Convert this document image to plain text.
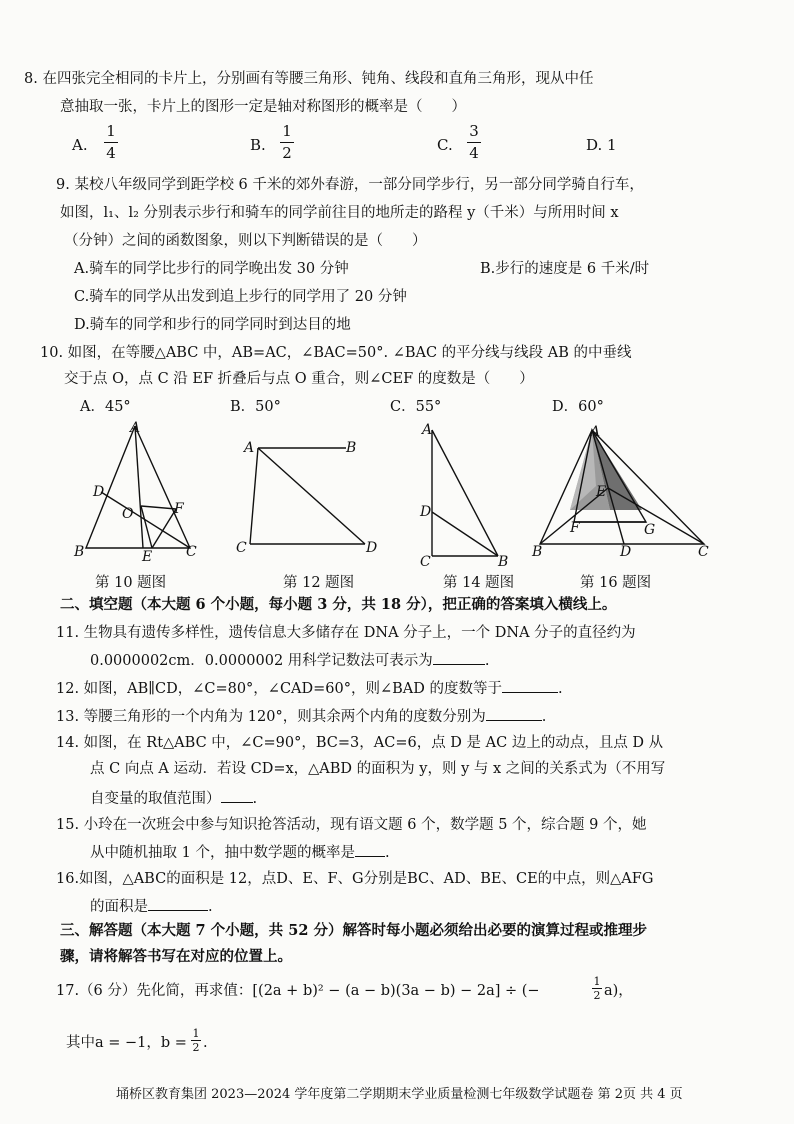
8. 在四张完全相同的卡片上，分别画有等腰三角形、钝角、线段和直角三角形，现从中任
意抽取一张，卡片上的图形一定是轴对称图形的概率是（　　）
A.
1
4	B.
1
2	C.
3
4	D. 1
9. 某校八年级同学到距学校 6 千米的郊外春游，一部分同学步行，另一部分同学骑自行车，
如图，l₁、l₂ 分别表示步行和骑车的同学前往目的地所走的路程 y（千米）与所用时间 x
（分钟）之间的函数图象，则以下判断错误的是（　　）
A.骑车的同学比步行的同学晚出发 30 分钟	B.步行的速度是 6 千米/时
C.骑车的同学从出发到追上步行的同学用了 20 分钟
D.骑车的同学和步行的同学同时到达目的地
10. 如图，在等腰△ABC 中，AB=AC，∠BAC=50°. ∠BAC 的平分线与线段 AB 的中垂线
交于点 O，点 C 沿 EF 折叠后与点 O 重合，则∠CEF 的度数是（　　）
A．45°	B．50°	C．55°	D．60°
A
B	C
D
E
F
O
第 10 题图
A	B
C	D
第 12 题图
A
D
C	B
第 14 题图
A
B	C
D
E
F	G
第 16 题图
二、填空题（本大题 6 个小题，每小题 3 分，共 18 分），把正确的答案填入横线上。
11. 生物具有遗传多样性，遗传信息大多储存在 DNA 分子上，一个 DNA 分子的直径约为
0.0000002cm．0.0000002 用科学记数法可表示为	.
12. 如图，AB∥CD，∠C=80°，∠CAD=60°，则∠BAD 的度数等于	.
13. 等腰三角形的一个内角为 120°，则其余两个内角的度数分别为	.
14. 如图，在 Rt△ABC 中，∠C=90°，BC=3，AC=6，点 D 是 AC 边上的动点，且点 D 从
点 C 向点 A 运动．若设 CD=x，△ABD 的面积为 y，则 y 与 x 之间的关系式为（不用写
自变量的取值范围） .
15. 小玲在一次班会中参与知识抢答活动，现有语文题 6 个，数学题 5 个，综合题 9 个，她
从中随机抽取 1 个，抽中数学题的概率是 .
16.如图，△ABC的面积是 12，点D、E、F、G分别是BC、AD、BE、CE的中点，则△AFG
的面积是	.
三、解答题（本大题 7 个小题，共 52 分）解答时每小题必须给出必要的演算过程或推理步
骤，请将解答书写在对应的位置上。
17.（6 分）先化简，再求值：[(2a + b)² − (a − b)(3a − b) − 2a] ÷ (−
1
2 a)，
其中a = −1，b =
1
2 .
埇桥区教育集团 2023—2024 学年度第二学期期末学业质量检测七年级数学试题卷 第 2页 共 4 页
